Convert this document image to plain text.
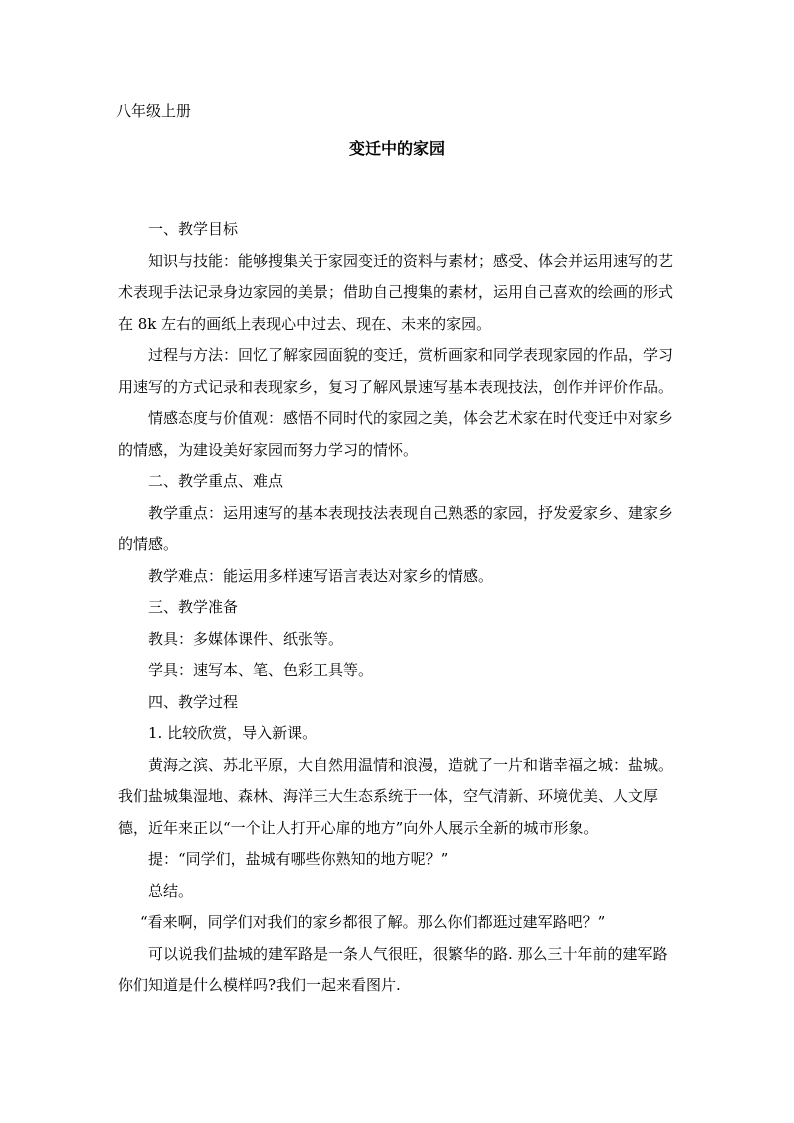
八年级上册
变迁中的家园

一、教学目标

知识与技能：能够搜集关于家园变迁的资料与素材；感受、体会并运用速写的艺术表现手法记录身边家园的美景；借助自己搜集的素材，运用自己喜欢的绘画的形式在 8k 左右的画纸上表现心中过去、现在、未来的家园。

过程与方法：回忆了解家园面貌的变迁，赏析画家和同学表现家园的作品，学习用速写的方式记录和表现家乡，复习了解风景速写基本表现技法，创作并评价作品。

情感态度与价值观：感悟不同时代的家园之美，体会艺术家在时代变迁中对家乡的情感，为建设美好家园而努力学习的情怀。

二、教学重点、难点

教学重点：运用速写的基本表现技法表现自己熟悉的家园，抒发爱家乡、建家乡的情感。

教学难点：能运用多样速写语言表达对家乡的情感。

三、教学准备

教具：多媒体课件、纸张等。

学具：速写本、笔、色彩工具等。

四、教学过程

1. 比较欣赏，导入新课。

黄海之滨、苏北平原，大自然用温情和浪漫，造就了一片和谐幸福之城：盐城。我们盐城集湿地、森林、海洋三大生态系统于一体，空气清新、环境优美、人文厚德，近年来正以“一个让人打开心扉的地方”向外人展示全新的城市形象。

提：“同学们，盐城有哪些你熟知的地方呢？”

总结。

“看来啊，同学们对我们的家乡都很了解。那么你们都逛过建军路吧？”

可以说我们盐城的建军路是一条人气很旺，很繁华的路. 那么三十年前的建军路你们知道是什么模样吗?我们一起来看图片.
